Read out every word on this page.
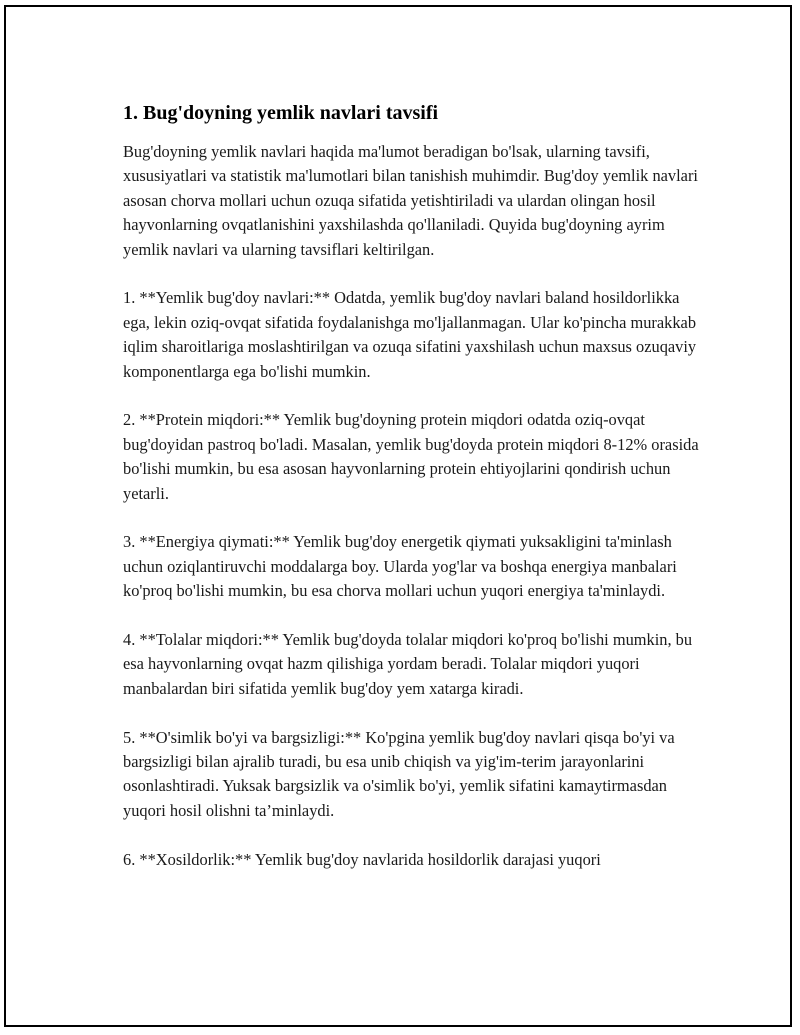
1. Bug'doyning yemlik navlari tavsifi

Bug'doyning yemlik navlari haqida ma'lumot beradigan bo'lsak, ularning tavsifi, xususiyatlari va statistik ma'lumotlari bilan tanishish muhimdir. Bug'doy yemlik navlari asosan chorva mollari uchun ozuqa sifatida yetishtiriladi va ulardan olingan hosil hayvonlarning ovqatlanishini yaxshilashda qo'llaniladi. Quyida bug'doyning ayrim yemlik navlari va ularning tavsiflari keltirilgan.

1. **Yemlik bug'doy navlari:** Odatda, yemlik bug'doy navlari baland hosildorlikka ega, lekin oziq-ovqat sifatida foydalanishga mo'ljallanmagan. Ular ko'pincha murakkab iqlim sharoitlariga moslashtirilgan va ozuqa sifatini yaxshilash uchun maxsus ozuqaviy komponentlarga ega bo'lishi mumkin.

2. **Protein miqdori:** Yemlik bug'doyning protein miqdori odatda oziq-ovqat bug'doyidan pastroq bo'ladi. Masalan, yemlik bug'doyda protein miqdori 8-12% orasida bo'lishi mumkin, bu esa asosan hayvonlarning protein ehtiyojlarini qondirish uchun yetarli.

3. **Energiya qiymati:** Yemlik bug'doy energetik qiymati yuksakligini ta'minlash uchun oziqlantiruvchi moddalarga boy. Ularda yog'lar va boshqa energiya manbalari ko'proq bo'lishi mumkin, bu esa chorva mollari uchun yuqori energiya ta'minlaydi.

4. **Tolalar miqdori:** Yemlik bug'doyda tolalar miqdori ko'proq bo'lishi mumkin, bu esa hayvonlarning ovqat hazm qilishiga yordam beradi. Tolalar miqdori yuqori manbalardan biri sifatida yemlik bug'doy yem xatarga kiradi.

5. **O'simlik bo'yi va bargsizligi:** Ko'pgina yemlik bug'doy navlari qisqa bo'yi va bargsizligi bilan ajralib turadi, bu esa unib chiqish va yig'im-terim jarayonlarini osonlashtiradi. Yuksak bargsizlik va o'simlik bo'yi, yemlik sifatini kamaytirmasdan yuqori hosil olishni ta’minlaydi.

6. **Xosildorlik:** Yemlik bug'doy navlarida hosildorlik darajasi yuqori
